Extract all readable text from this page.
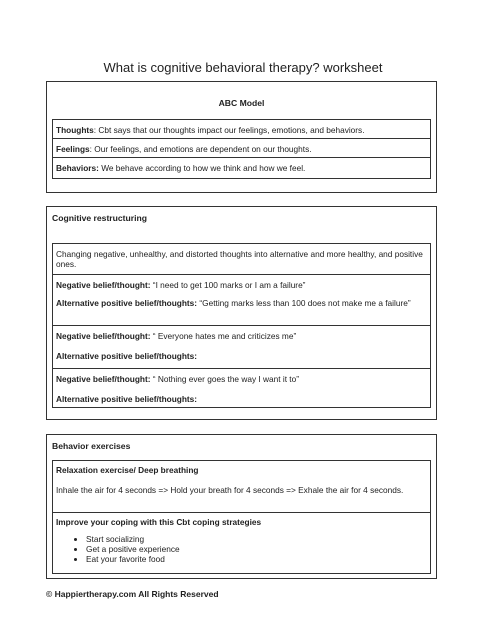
What is cognitive behavioral therapy? worksheet
ABC Model
Thoughts: Cbt says that our thoughts impact our feelings, emotions, and behaviors.
Feelings: Our feelings, and emotions are dependent on our thoughts.
Behaviors: We behave according to how we think and how we feel.
Cognitive restructuring
Changing negative, unhealthy, and distorted thoughts into alternative and more healthy, and positive ones.
Negative belief/thought: “I need to get 100 marks or I am a failure”
Alternative positive belief/thoughts: “Getting marks less than 100 does not make me a failure”
Negative belief/thought: “ Everyone hates me and criticizes me”
Alternative positive belief/thoughts:
Negative belief/thought: “ Nothing ever goes the way I want it to”
Alternative positive belief/thoughts:
Behavior exercises
Relaxation exercise/ Deep breathing
Inhale the air for 4 seconds => Hold your breath for 4 seconds => Exhale the air for 4 seconds.
Improve your coping with this Cbt coping strategies
• Start socializing
• Get a positive experience
• Eat your favorite food
© Happiertherapy.com All Rights Reserved
